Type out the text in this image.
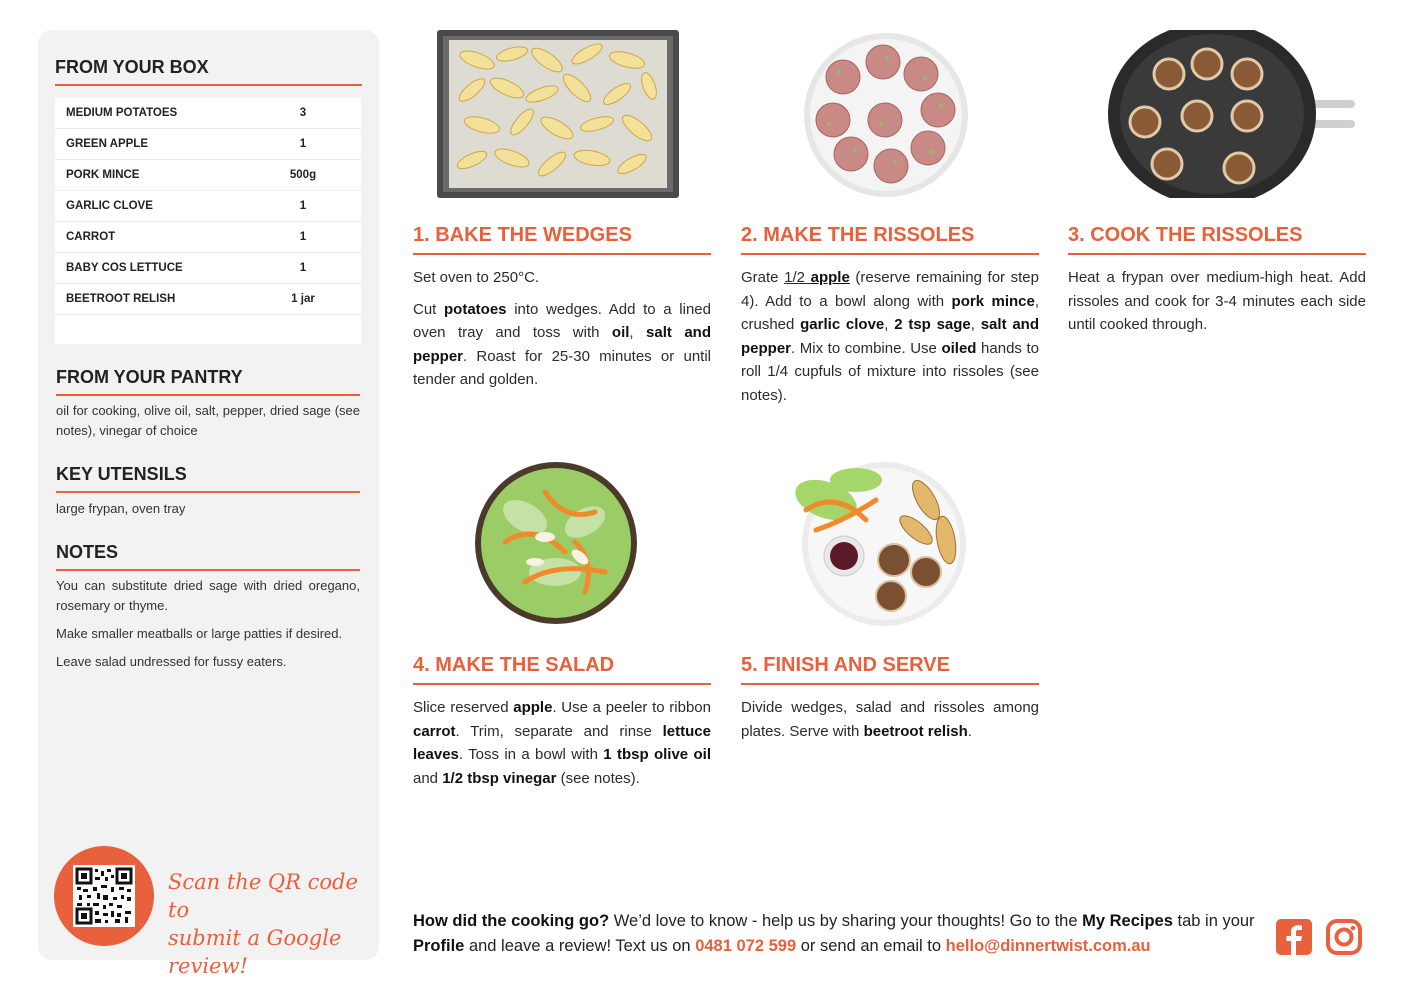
FROM YOUR BOX
MEDIUM POTATOES	3
GREEN APPLE	1
PORK MINCE	500g
GARLIC CLOVE	1
CARROT	1
BABY COS LETTUCE	1
BEETROOT RELISH	1 jar
FROM YOUR PANTRY
oil for cooking, olive oil, salt, pepper, dried sage (see notes), vinegar of choice
KEY UTENSILS
large frypan, oven tray
NOTES

You can substitute dried sage with dried oregano, rosemary or thyme.

Make smaller meatballs or large patties if desired.

Leave salad undressed for fussy eaters.

Scan the QR code to
submit a Google review!
1. BAKE THE WEDGES

Set oven to 250°C.

Cut potatoes into wedges. Add to a lined oven tray and toss with oil, salt and pepper. Roast for 25-30 minutes or until tender and golden.

2. MAKE THE RISSOLES

Grate 1/2 apple (reserve remaining for step 4). Add to a bowl along with pork mince, crushed garlic clove, 2 tsp sage, salt and pepper. Mix to combine. Use oiled hands to roll 1/4 cupfuls of mixture into rissoles (see notes).

3. COOK THE RISSOLES
Heat a frypan over medium-high heat. Add rissoles and cook for 3-4 minutes each side until cooked through.
4. MAKE THE SALAD

Slice reserved apple. Use a peeler to ribbon carrot. Trim, separate and rinse lettuce leaves. Toss in a bowl with 1 tbsp olive oil and 1/2 tbsp vinegar (see notes).

5. FINISH AND SERVE

Divide wedges, salad and rissoles among plates. Serve with beetroot relish.

How did the cooking go? We’d love to know - help us by sharing your thoughts! Go to the My Recipes tab in your Profile and leave a review! Text us on 0481 072 599 or send an email to hello@dinnertwist.com.au
